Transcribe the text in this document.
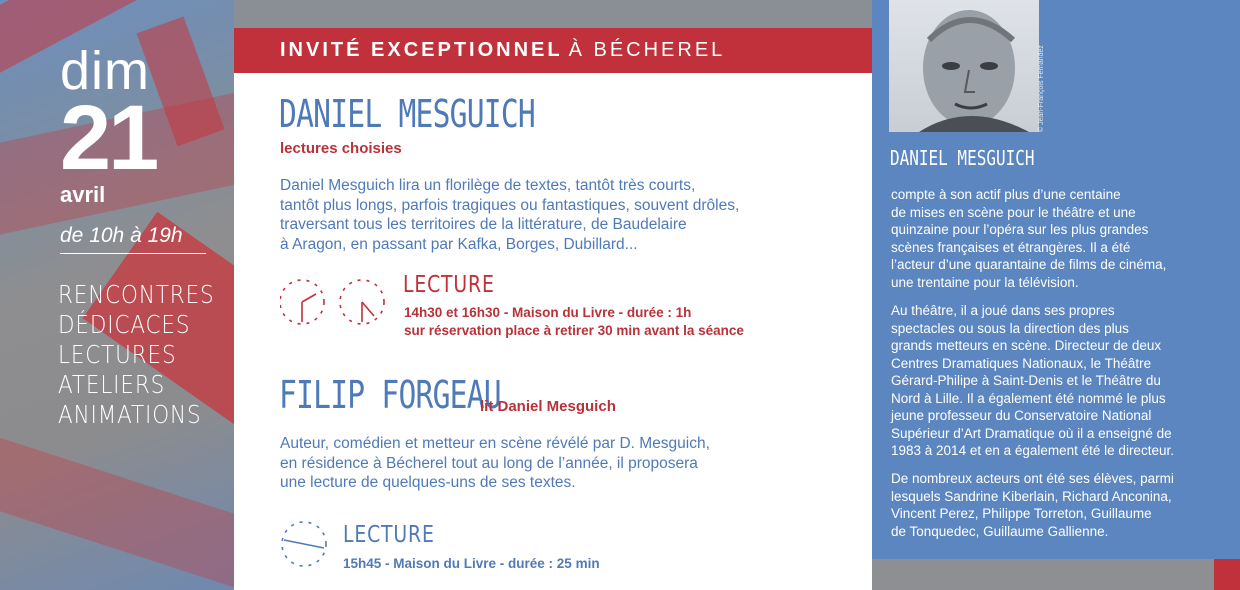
dim
21
avril
de 10h à 19h
RENCONTRES
DÉDICACES
LECTURES
ATELIERS
ANIMATIONS
INVITÉ EXCEPTIONNEL À BÉCHEREL
DANIEL MESGUICH
lectures choisies
Daniel Mesguich lira un florilège de textes, tantôt très courts,
tantôt plus longs, parfois tragiques ou fantastiques, souvent drôles,
traversant tous les territoires de la littérature, de Baudelaire
à Aragon, en passant par Kafka, Borges, Dubillard...
LECTURE
14h30 et 16h30 - Maison du Livre - durée : 1h
sur réservation place à retirer 30 min avant la séance
FILIP FORGEAU
lit Daniel Mesguich
Auteur, comédien et metteur en scène révélé par D. Mesguich,
en résidence à Bécherel tout au long de l’année, il proposera
une lecture de quelques-uns de ses textes.
LECTURE
15h45 - Maison du Livre - durée : 25 min
© Jean-François Fernandez
DANIEL MESGUICH
compte à son actif plus d’une centaine
de mises en scène pour le théâtre et une
quinzaine pour l’opéra sur les plus grandes
scènes françaises et étrangères. Il a été
l’acteur d’une quarantaine de films de cinéma,
une trentaine pour la télévision.
Au théâtre, il a joué dans ses propres
spectacles ou sous la direction des plus
grands metteurs en scène. Directeur de deux
Centres Dramatiques Nationaux, le Théâtre
Gérard-Philipe à Saint-Denis et le Théâtre du
Nord à Lille. Il a également été nommé le plus
jeune professeur du Conservatoire National
Supérieur d’Art Dramatique où il a enseigné de
1983 à 2014 et en a également été le directeur.
De nombreux acteurs ont été ses élèves, parmi
lesquels Sandrine Kiberlain, Richard Anconina,
Vincent Perez, Philippe Torreton, Guillaume
de Tonquedec, Guillaume Gallienne.
